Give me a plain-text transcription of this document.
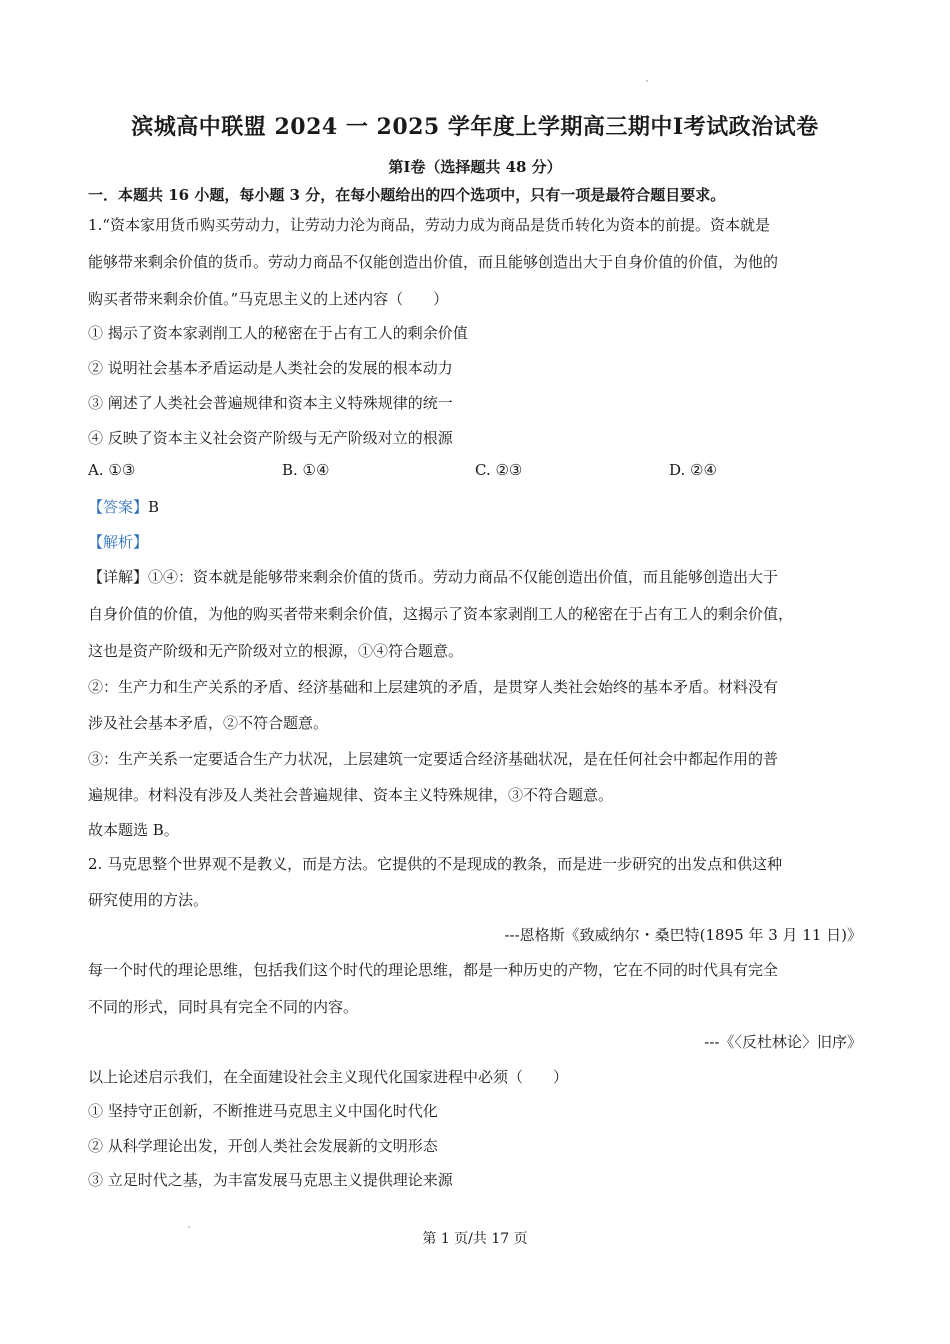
滨城高中联盟 2024 一 2025 学年度上学期高三期中Ⅰ考试政治试卷
第Ⅰ卷（选择题共 48 分）
一．本题共 16 小题，每小题 3 分，在每小题给出的四个选项中，只有一项是最符合题目要求。
1.“资本家用货币购买劳动力，让劳动力沦为商品，劳动力成为商品是货币转化为资本的前提。资本就是
能够带来剩余价值的货币。劳动力商品不仅能创造出价值，而且能够创造出大于自身价值的价值，为他的
购买者带来剩余价值。”马克思主义的上述内容（　　）
① 揭示了资本家剥削工人的秘密在于占有工人的剩余价值
② 说明社会基本矛盾运动是人类社会的发展的根本动力
③ 阐述了人类社会普遍规律和资本主义特殊规律的统一
④ 反映了资本主义社会资产阶级与无产阶级对立的根源
A. ①③	B. ①④	C. ②③	D. ②④
【答案】B
【解析】
【详解】①④：资本就是能够带来剩余价值的货币。劳动力商品不仅能创造出价值，而且能够创造出大于
自身价值的价值，为他的购买者带来剩余价值，这揭示了资本家剥削工人的秘密在于占有工人的剩余价值，
这也是资产阶级和无产阶级对立的根源，①④符合题意。
②：生产力和生产关系的矛盾、经济基础和上层建筑的矛盾，是贯穿人类社会始终的基本矛盾。材料没有
涉及社会基本矛盾，②不符合题意。
③：生产关系一定要适合生产力状况，上层建筑一定要适合经济基础状况，是在任何社会中都起作用的普
遍规律。材料没有涉及人类社会普遍规律、资本主义特殊规律，③不符合题意。
故本题选 B。
2. 马克思整个世界观不是教义，而是方法。它提供的不是现成的教条，而是进一步研究的出发点和供这种
研究使用的方法。
---恩格斯《致威纳尔・桑巴特(1895 年 3 月 11 日)》
每一个时代的理论思维，包括我们这个时代的理论思维，都是一种历史的产物，它在不同的时代具有完全
不同的形式，同时具有完全不同的内容。
---《〈反杜林论〉旧序》
以上论述启示我们，在全面建设社会主义现代化国家进程中必须（　　）
① 坚持守正创新，不断推进马克思主义中国化时代化
② 从科学理论出发，开创人类社会发展新的文明形态
③ 立足时代之基，为丰富发展马克思主义提供理论来源
第 1 页/共 17 页
